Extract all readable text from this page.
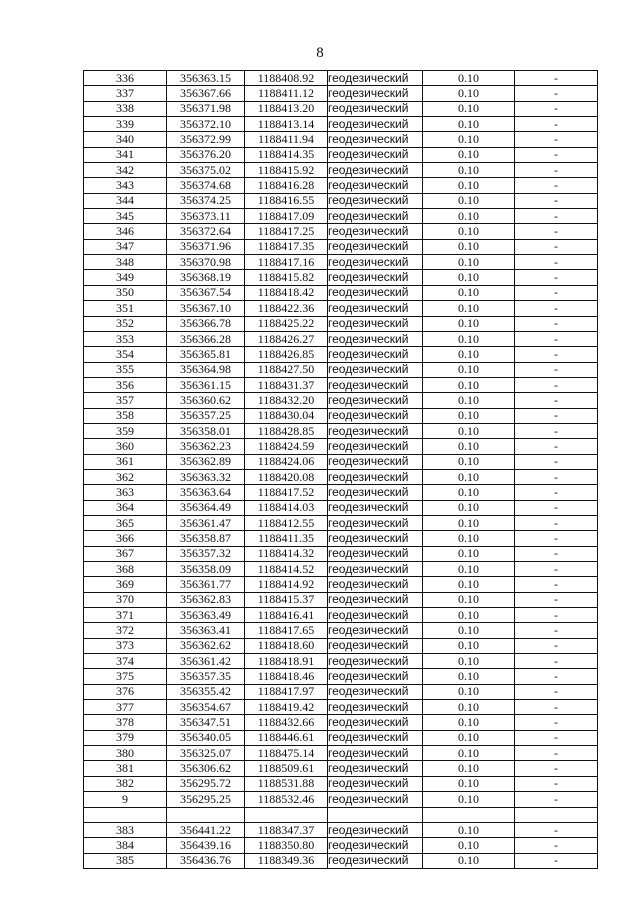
8
336	356363.15	1188408.92	геодезический	0.10	-
337	356367.66	1188411.12	геодезический	0.10	-
338	356371.98	1188413.20	геодезический	0.10	-
339	356372.10	1188413.14	геодезический	0.10	-
340	356372.99	1188411.94	геодезический	0.10	-
341	356376.20	1188414.35	геодезический	0.10	-
342	356375.02	1188415.92	геодезический	0.10	-
343	356374.68	1188416.28	геодезический	0.10	-
344	356374.25	1188416.55	геодезический	0.10	-
345	356373.11	1188417.09	геодезический	0.10	-
346	356372.64	1188417.25	геодезический	0.10	-
347	356371.96	1188417.35	геодезический	0.10	-
348	356370.98	1188417.16	геодезический	0.10	-
349	356368.19	1188415.82	геодезический	0.10	-
350	356367.54	1188418.42	геодезический	0.10	-
351	356367.10	1188422.36	геодезический	0.10	-
352	356366.78	1188425.22	геодезический	0.10	-
353	356366.28	1188426.27	геодезический	0.10	-
354	356365.81	1188426.85	геодезический	0.10	-
355	356364.98	1188427.50	геодезический	0.10	-
356	356361.15	1188431.37	геодезический	0.10	-
357	356360.62	1188432.20	геодезический	0.10	-
358	356357.25	1188430.04	геодезический	0.10	-
359	356358.01	1188428.85	геодезический	0.10	-
360	356362.23	1188424.59	геодезический	0.10	-
361	356362.89	1188424.06	геодезический	0.10	-
362	356363.32	1188420.08	геодезический	0.10	-
363	356363.64	1188417.52	геодезический	0.10	-
364	356364.49	1188414.03	геодезический	0.10	-
365	356361.47	1188412.55	геодезический	0.10	-
366	356358.87	1188411.35	геодезический	0.10	-
367	356357.32	1188414.32	геодезический	0.10	-
368	356358.09	1188414.52	геодезический	0.10	-
369	356361.77	1188414.92	геодезический	0.10	-
370	356362.83	1188415.37	геодезический	0.10	-
371	356363.49	1188416.41	геодезический	0.10	-
372	356363.41	1188417.65	геодезический	0.10	-
373	356362.62	1188418.60	геодезический	0.10	-
374	356361.42	1188418.91	геодезический	0.10	-
375	356357.35	1188418.46	геодезический	0.10	-
376	356355.42	1188417.97	геодезический	0.10	-
377	356354.67	1188419.42	геодезический	0.10	-
378	356347.51	1188432.66	геодезический	0.10	-
379	356340.05	1188446.61	геодезический	0.10	-
380	356325.07	1188475.14	геодезический	0.10	-
381	356306.62	1188509.61	геодезический	0.10	-
382	356295.72	1188531.88	геодезический	0.10	-
9	356295.25	1188532.46	геодезический	0.10	-

383	356441.22	1188347.37	геодезический	0.10	-
384	356439.16	1188350.80	геодезический	0.10	-
385	356436.76	1188349.36	геодезический	0.10	-
